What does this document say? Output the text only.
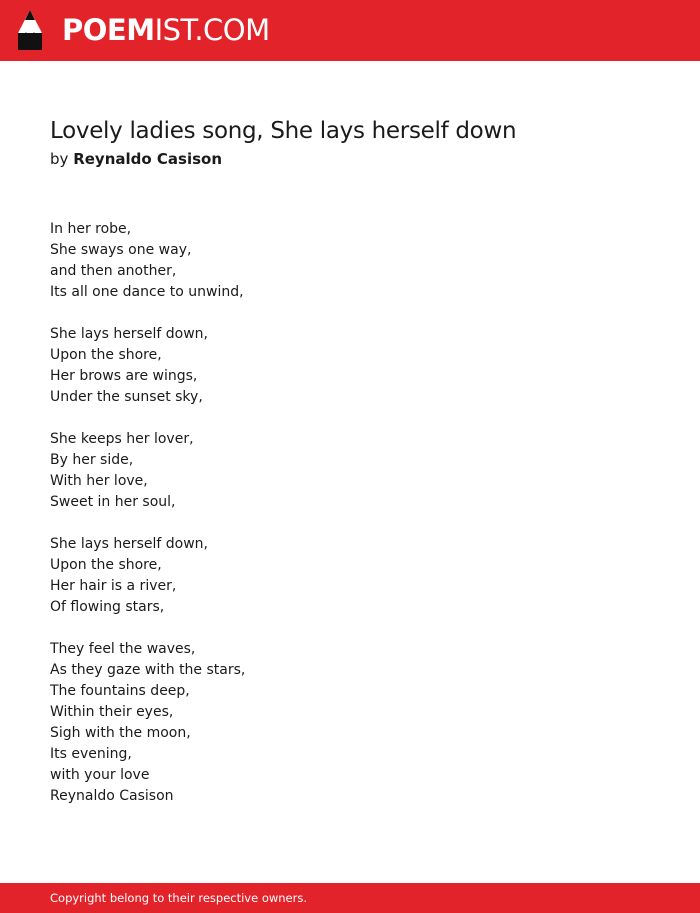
POEMIST.COM
Lovely ladies song, She lays herself down
by Reynaldo Casison
In her robe,
She sways one way,
and then another,
Its all one dance to unwind,
She lays herself down,
Upon the shore,
Her brows are wings,
Under the sunset sky,
She keeps her lover,
By her side,
With her love,
Sweet in her soul,
She lays herself down,
Upon the shore,
Her hair is a river,
Of flowing stars,
They feel the waves,
As they gaze with the stars,
The fountains deep,
Within their eyes,
Sigh with the moon,
Its evening,
with your love
Reynaldo Casison
Copyright belong to their respective owners.
